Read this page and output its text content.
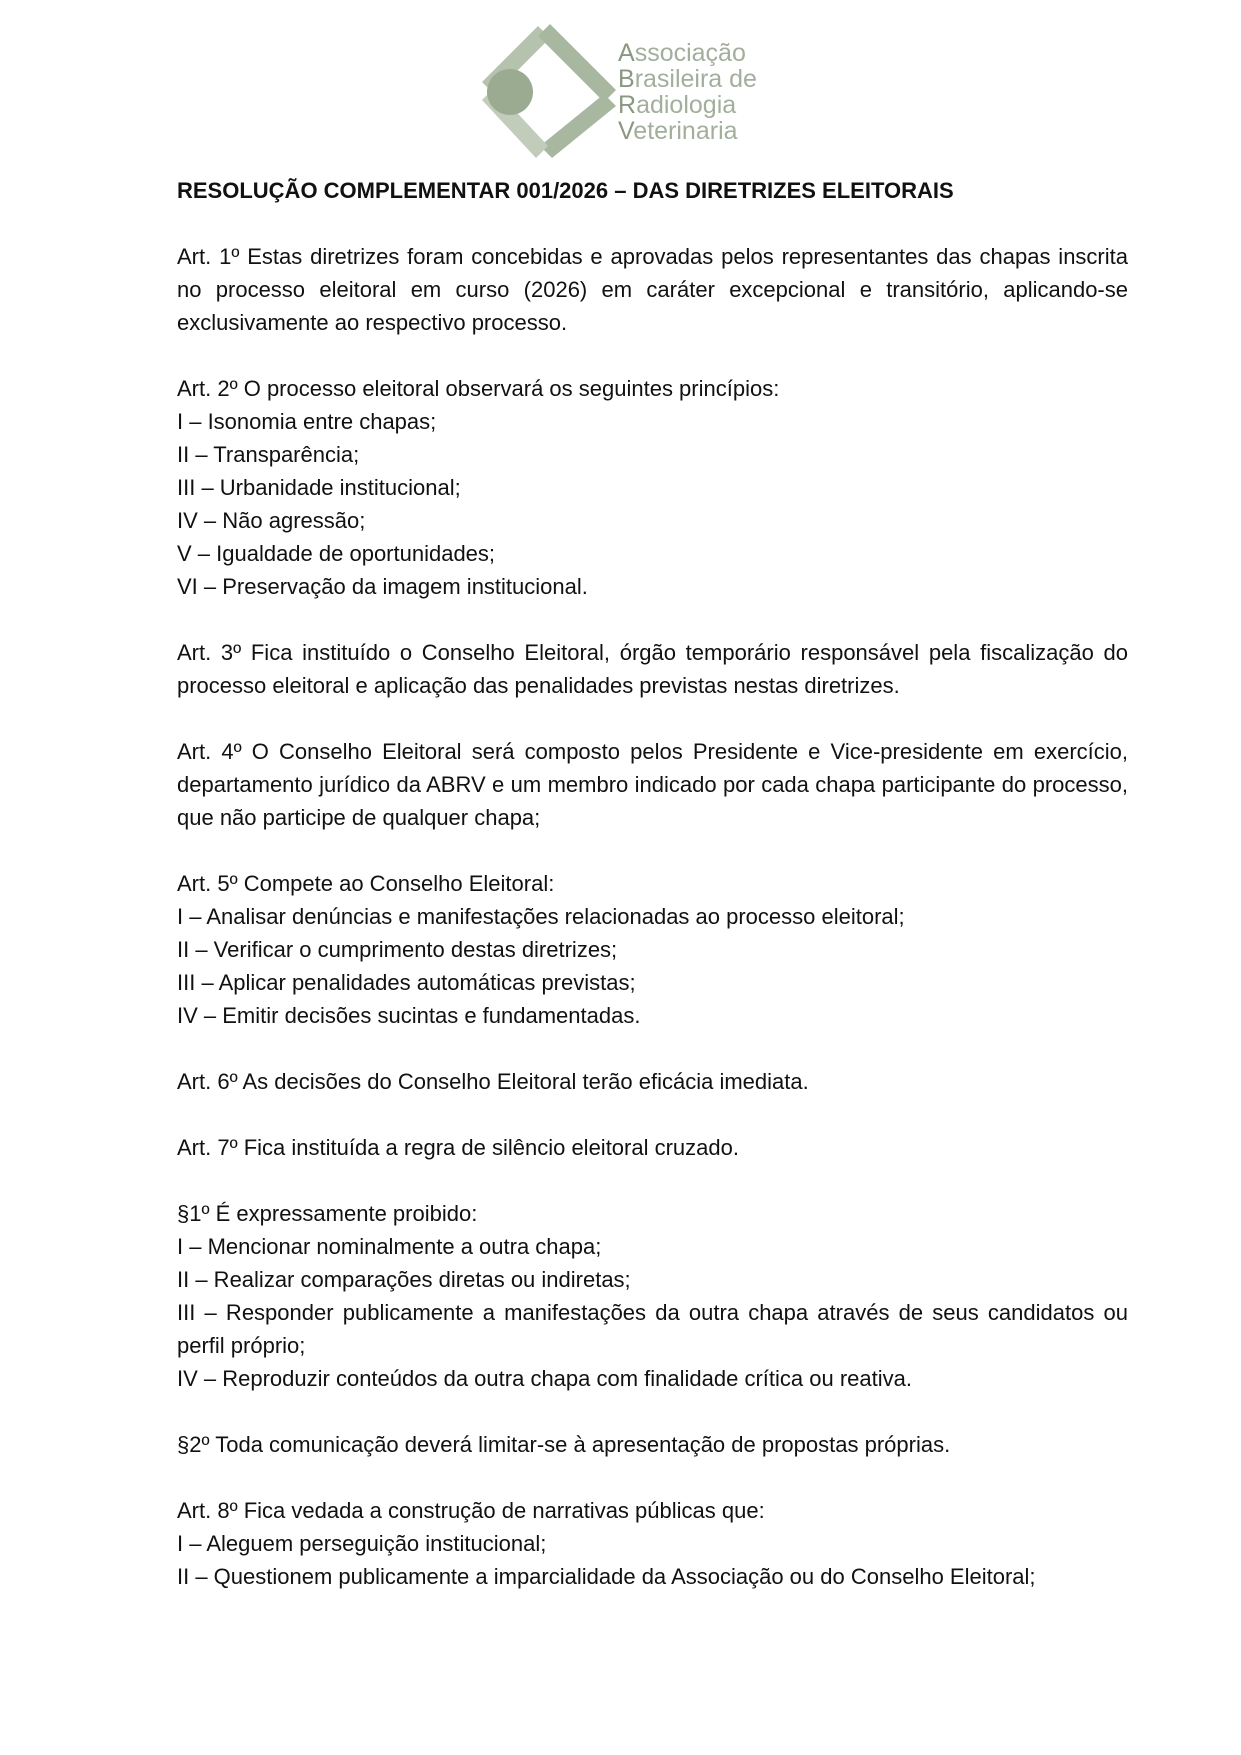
Associação
Brasileira de
Radiologia
Veterinaria

RESOLUÇÃO COMPLEMENTAR 001/2026 – DAS DIRETRIZES ELEITORAIS

Art. 1º Estas diretrizes foram concebidas e aprovadas pelos representantes das chapas inscrita no processo eleitoral em curso (2026) em caráter excepcional e transitório, aplicando-se exclusivamente ao respectivo processo.

Art. 2º O processo eleitoral observará os seguintes princípios:
I – Isonomia entre chapas;
II – Transparência;
III – Urbanidade institucional;
IV – Não agressão;
V – Igualdade de oportunidades;
VI – Preservação da imagem institucional.

Art. 3º Fica instituído o Conselho Eleitoral, órgão temporário responsável pela fiscalização do processo eleitoral e aplicação das penalidades previstas nestas diretrizes.

Art. 4º O Conselho Eleitoral será composto pelos Presidente e Vice-presidente em exercício, departamento jurídico da ABRV e um membro indicado por cada chapa participante do processo, que não participe de qualquer chapa;

Art. 5º Compete ao Conselho Eleitoral:
I – Analisar denúncias e manifestações relacionadas ao processo eleitoral;
II – Verificar o cumprimento destas diretrizes;
III – Aplicar penalidades automáticas previstas;
IV – Emitir decisões sucintas e fundamentadas.

Art. 6º As decisões do Conselho Eleitoral terão eficácia imediata.

Art. 7º Fica instituída a regra de silêncio eleitoral cruzado.

§1º É expressamente proibido:
I – Mencionar nominalmente a outra chapa;
II – Realizar comparações diretas ou indiretas;
III – Responder publicamente a manifestações da outra chapa através de seus candidatos ou perfil próprio;
IV – Reproduzir conteúdos da outra chapa com finalidade crítica ou reativa.

§2º Toda comunicação deverá limitar-se à apresentação de propostas próprias.

Art. 8º Fica vedada a construção de narrativas públicas que:
I – Aleguem perseguição institucional;
II – Questionem publicamente a imparcialidade da Associação ou do Conselho Eleitoral;
